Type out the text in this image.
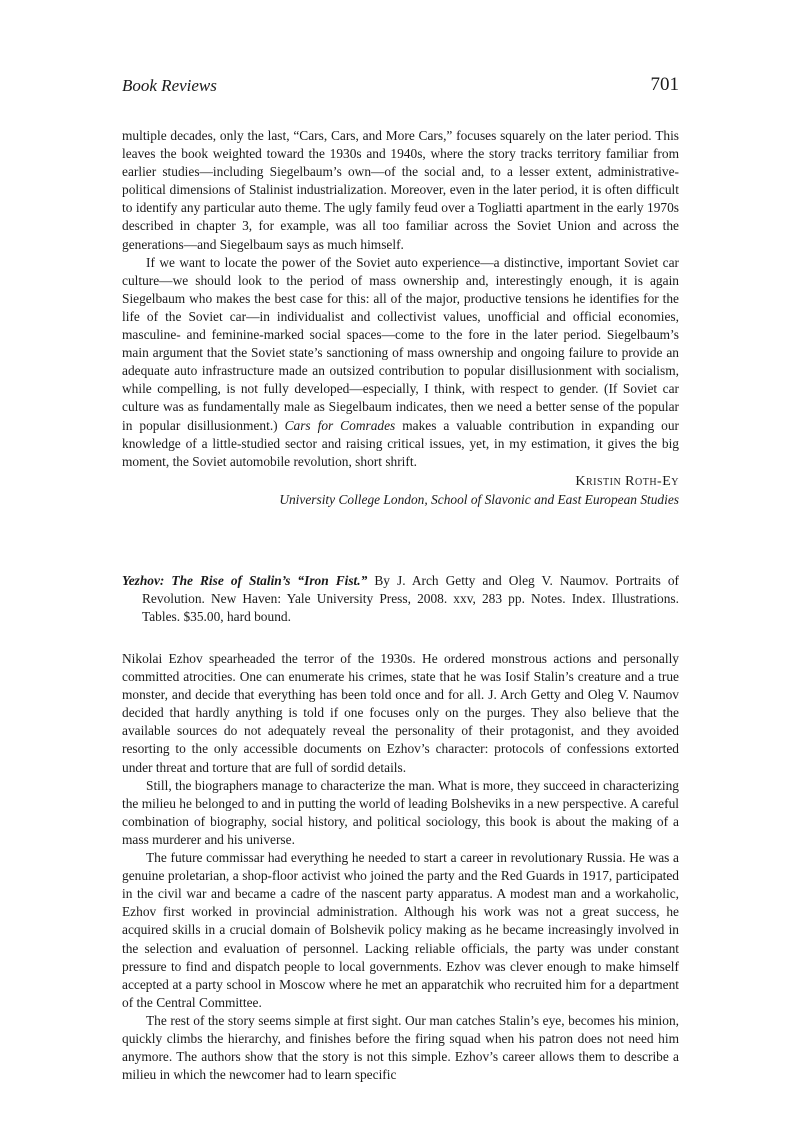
Book Reviews	701

multiple decades, only the last, “Cars, Cars, and More Cars,” focuses squarely on the later period. This leaves the book weighted toward the 1930s and 1940s, where the story tracks territory familiar from earlier studies—including Siegelbaum’s own—of the social and, to a lesser extent, administrative-political dimensions of Stalinist industrialization. Moreover, even in the later period, it is often difficult to identify any particular auto theme. The ugly family feud over a Togliatti apartment in the early 1970s described in chapter 3, for example, was all too familiar across the Soviet Union and across the generations—and Siegelbaum says as much himself.

If we want to locate the power of the Soviet auto experience—a distinctive, important Soviet car culture—we should look to the period of mass ownership and, interestingly enough, it is again Siegelbaum who makes the best case for this: all of the major, productive tensions he identifies for the life of the Soviet car—in individualist and collectivist values, unofficial and official economies, masculine- and feminine-marked social spaces—come to the fore in the later period. Siegelbaum’s main argument that the Soviet state’s sanctioning of mass ownership and ongoing failure to provide an adequate auto infrastructure made an outsized contribution to popular disillusionment with socialism, while compelling, is not fully developed—especially, I think, with respect to gender. (If Soviet car culture was as fundamentally male as Siegelbaum indicates, then we need a better sense of the popular in popular disillusionment.) Cars for Comrades makes a valuable contribution in expanding our knowledge of a little-studied sector and raising critical issues, yet, in my estimation, it gives the big moment, the Soviet automobile revolution, short shrift.

Kristin Roth-Ey
University College London, School of Slavonic and East European Studies
Yezhov: The Rise of Stalin’s “Iron Fist.” By J. Arch Getty and Oleg V. Naumov. Portraits of Revolution. New Haven: Yale University Press, 2008. xxv, 283 pp. Notes. Index. Illustrations. Tables. $35.00, hard bound.

Nikolai Ezhov spearheaded the terror of the 1930s. He ordered monstrous actions and personally committed atrocities. One can enumerate his crimes, state that he was Iosif Stalin’s creature and a true monster, and decide that everything has been told once and for all. J. Arch Getty and Oleg V. Naumov decided that hardly anything is told if one focuses only on the purges. They also believe that the available sources do not adequately reveal the personality of their protagonist, and they avoided resorting to the only accessible documents on Ezhov’s character: protocols of confessions extorted under threat and torture that are full of sordid details.

Still, the biographers manage to characterize the man. What is more, they succeed in characterizing the milieu he belonged to and in putting the world of leading Bolsheviks in a new perspective. A careful combination of biography, social history, and political sociology, this book is about the making of a mass murderer and his universe.

The future commissar had everything he needed to start a career in revolutionary Russia. He was a genuine proletarian, a shop-floor activist who joined the party and the Red Guards in 1917, participated in the civil war and became a cadre of the nascent party apparatus. A modest man and a workaholic, Ezhov first worked in provincial administration. Although his work was not a great success, he acquired skills in a crucial domain of Bolshevik policy making as he became increasingly involved in the selection and evaluation of personnel. Lacking reliable officials, the party was under constant pressure to find and dispatch people to local governments. Ezhov was clever enough to make himself accepted at a party school in Moscow where he met an apparatchik who recruited him for a department of the Central Committee.

The rest of the story seems simple at first sight. Our man catches Stalin’s eye, becomes his minion, quickly climbs the hierarchy, and finishes before the firing squad when his patron does not need him anymore. The authors show that the story is not this simple. Ezhov’s career allows them to describe a milieu in which the newcomer had to learn specific
